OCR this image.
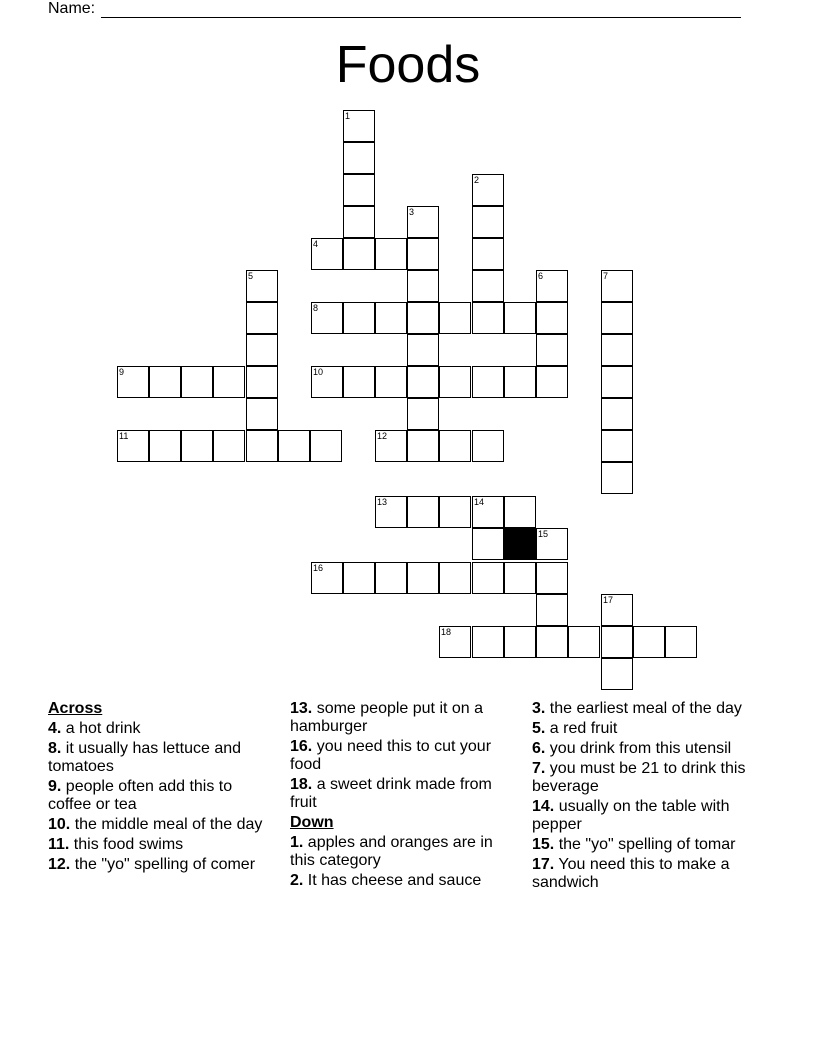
Name:
Foods
1
2
3
4
5	6	7
8
9	10
11	12
13	14
15
16
17
18
Across
4. a hot drink
8. it usually has lettuce and tomatoes
9. people often add this to coffee or tea
10. the middle meal of the day
11. this food swims
12. the "yo" spelling of comer
13. some people put it on a hamburger
16. you need this to cut your food
18. a sweet drink made from fruit
Down
1. apples and oranges are in this category
2. It has cheese and sauce
3. the earliest meal of the day
5. a red fruit
6. you drink from this utensil
7. you must be 21 to drink this beverage
14. usually on the table with pepper
15. the "yo" spelling of tomar
17. You need this to make a sandwich
